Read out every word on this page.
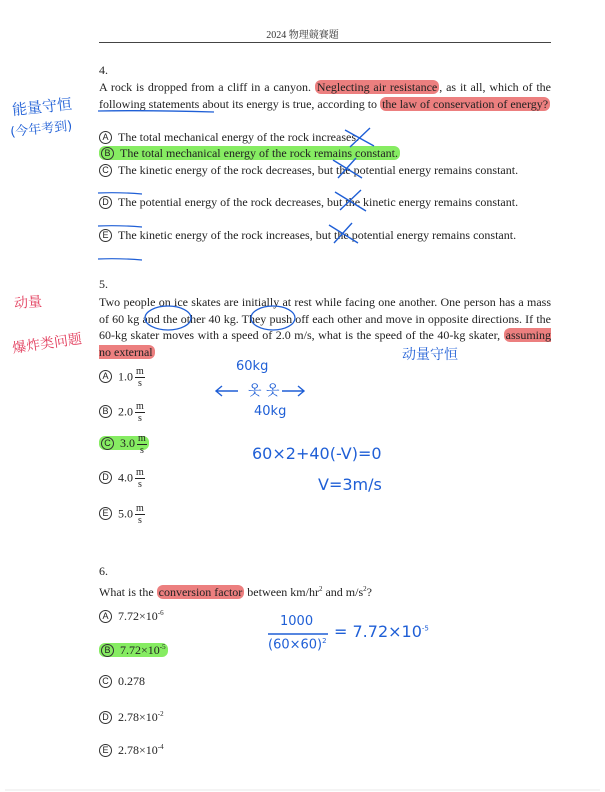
2024 物理競賽題
4.
A rock is dropped from a cliff in a canyon. Neglecting air resistance , as it all, which of the following statements about its energy is true, according to the law of conservation of energy?
A The total mechanical energy of the rock increases.
B The total mechanical energy of the rock remains constant.
C The kinetic energy of the rock decreases, but the potential energy remains constant.
D The potential energy of the rock decreases, but the kinetic energy remains constant.
E The kinetic energy of the rock increases, but the potential energy remains constant.
5.
Two people on ice skates are initially at rest while facing one another. One person has a mass of 60 kg and the other 40 kg. They push off each other and move in opposite directions. If the 60-kg skater moves with a speed of 2.0 m/s, what is the speed of the 40-kg skater, assuming no external
A $1.0 \frac{m}{s}$
B $2.0 \frac{m}{s}$
C $3.0 \frac{m}{s}$
D $4.0 \frac{m}{s}$
E $5.0 \frac{m}{s}$
6.
What is the conversion factor between $km/hr^2$ and $m/s^2$?
A $7.72\times 10^{-6}$
B $7.72\times 10^{-5}$
C 0.278
D $2.78\times 10^{-2}$
E $2.78\times 10^{-4}$
能量守恒
(今年考到)
动量
爆炸类问题	动量守恒
60kg
옷 옷
40kg
60×2+40(-V)=0
V=3m/s
1000
$(60\times 60)^2 = 7.72\times 10^{-5}$
